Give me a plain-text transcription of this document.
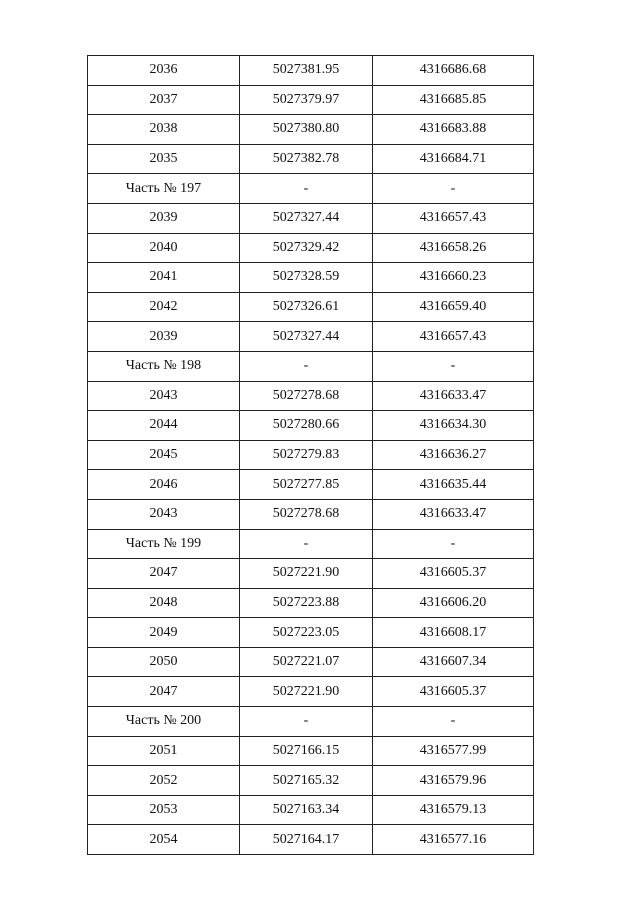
2036	5027381.95	4316686.68
2037	5027379.97	4316685.85
2038	5027380.80	4316683.88
2035	5027382.78	4316684.71
Часть № 197	-	-
2039	5027327.44	4316657.43
2040	5027329.42	4316658.26
2041	5027328.59	4316660.23
2042	5027326.61	4316659.40
2039	5027327.44	4316657.43
Часть № 198	-	-
2043	5027278.68	4316633.47
2044	5027280.66	4316634.30
2045	5027279.83	4316636.27
2046	5027277.85	4316635.44
2043	5027278.68	4316633.47
Часть № 199	-	-
2047	5027221.90	4316605.37
2048	5027223.88	4316606.20
2049	5027223.05	4316608.17
2050	5027221.07	4316607.34
2047	5027221.90	4316605.37
Часть № 200	-	-
2051	5027166.15	4316577.99
2052	5027165.32	4316579.96
2053	5027163.34	4316579.13
2054	5027164.17	4316577.16
